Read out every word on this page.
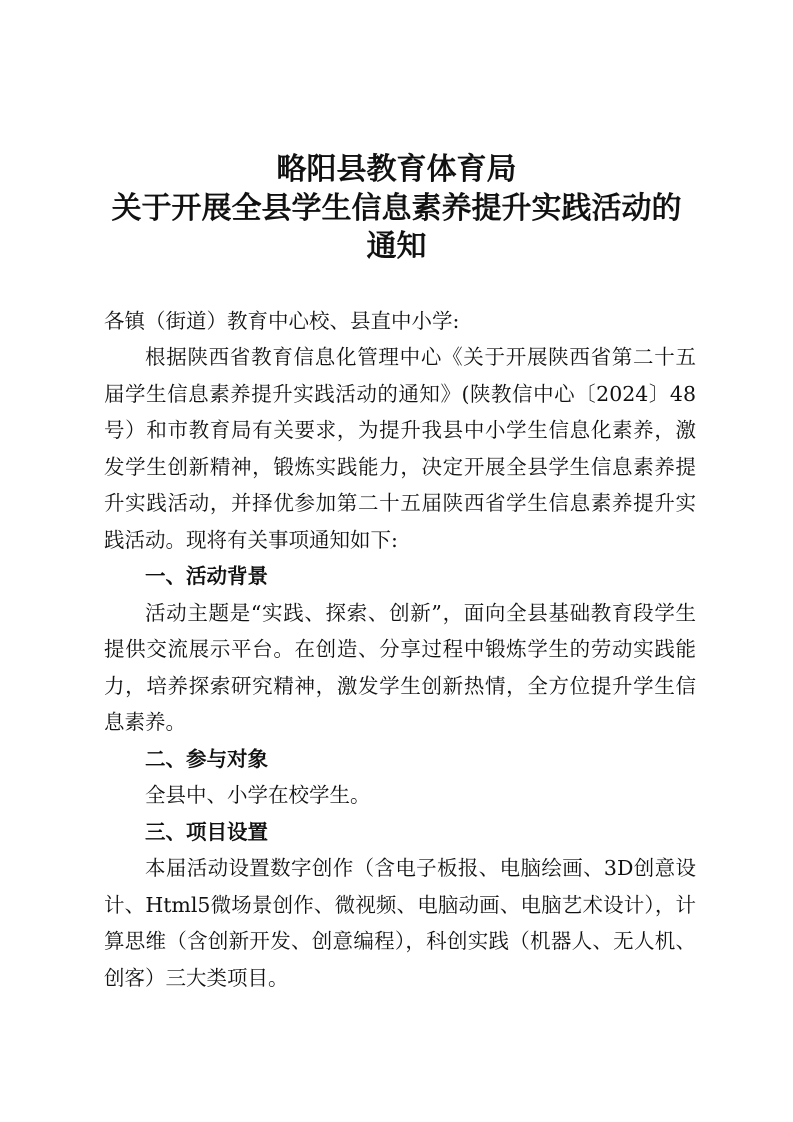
略阳县教育体育局
关于开展全县学生信息素养提升实践活动的
通知
各镇（街道）教育中心校、县直中小学:

根据陕西省教育信息化管理中心《关于开展陕西省第二十五届学生信息素养提升实践活动的通知》(陕教信中心〔2024〕48号）和市教育局有关要求，为提升我县中小学生信息化素养，激发学生创新精神，锻炼实践能力，决定开展全县学生信息素养提升实践活动，并择优参加第二十五届陕西省学生信息素养提升实践活动。现将有关事项通知如下:

一、活动背景

活动主题是“实践、探索、创新”，面向全县基础教育段学生提供交流展示平台。在创造、分享过程中锻炼学生的劳动实践能力，培养探索研究精神，激发学生创新热情，全方位提升学生信息素养。

二、参与对象

全县中、小学在校学生。

三、项目设置

本届活动设置数字创作（含电子板报、电脑绘画、3D创意设计、Html5微场景创作、微视频、电脑动画、电脑艺术设计），计算思维（含创新开发、创意编程），科创实践（机器人、无人机、创客）三大类项目。
